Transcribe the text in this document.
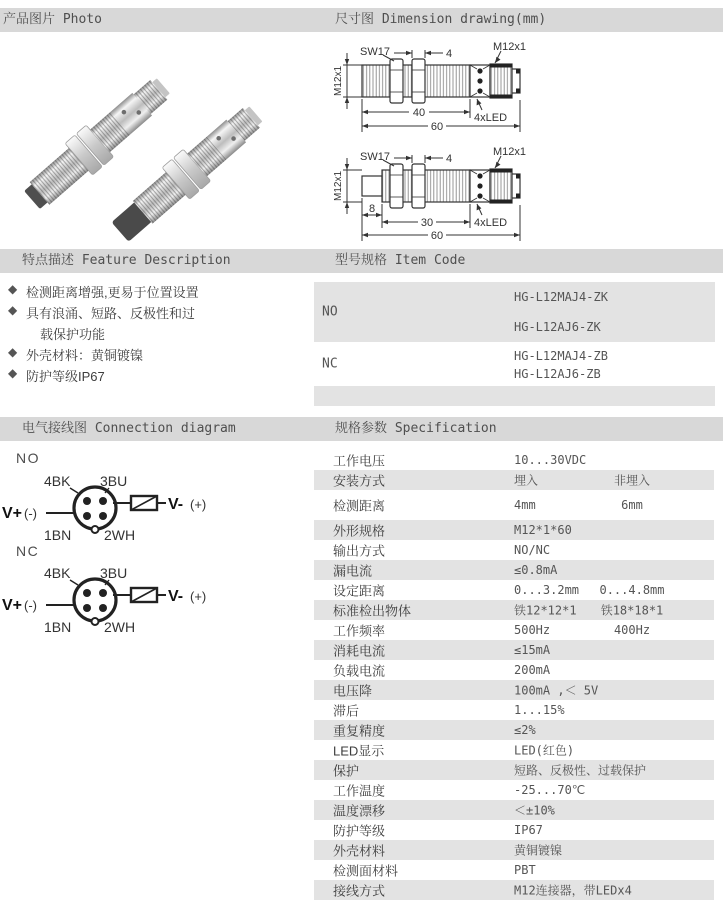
产品图片 Photo	尺寸图 Dimension drawing(mm)
特点描述 Feature Description	型号规格 Item Code
电气接线图 Connection diagram	规格参数 Specification
SW17	4
M12x1
M12x1
40
60
4xLED
SW17	4
M12x1
M12x1
8
30
60
4xLED
◆ 检测距离增强,更易于位置设置
◆ 具有浪涌、短路、反极性和过
载保护功能
◆ 外壳材料：黄铜镀镍
◆ 防护等级IP67
NO
HG-L12MAJ4-ZK
HG-L12AJ6-ZK
NC
HG-L12MAJ4-ZB
HG-L12AJ6-ZB
NO
V+ (-)
V- (+)
4BK 3BU
1BN 2WH
NC
V+ (-)
V- (+)
4BK 3BU
1BN 2WH
工作电压	10...30VDC
安装方式	埋入	非埋入
检测距离	4mm	6mm
外形规格	M12*1*60
输出方式	NO/NC
漏电流	≤0.8mA
设定距离	0...3.2mm 0...4.8mm
标准检出物体	铁12*12*1 铁18*18*1
工作频率	500Hz	400Hz
消耗电流	≤15mA
负载电流	200mA
电压降	100mA ,＜ 5V
滞后	1...15%
重复精度	≤2%
LED显示	LED(红色)
保护	短路、反极性、过载保护
工作温度	-25...70℃
温度漂移	＜±10%
防护等级	IP67
外壳材料	黄铜镀镍
检测面材料	PBT
接线方式	M12连接器，带LEDx4
